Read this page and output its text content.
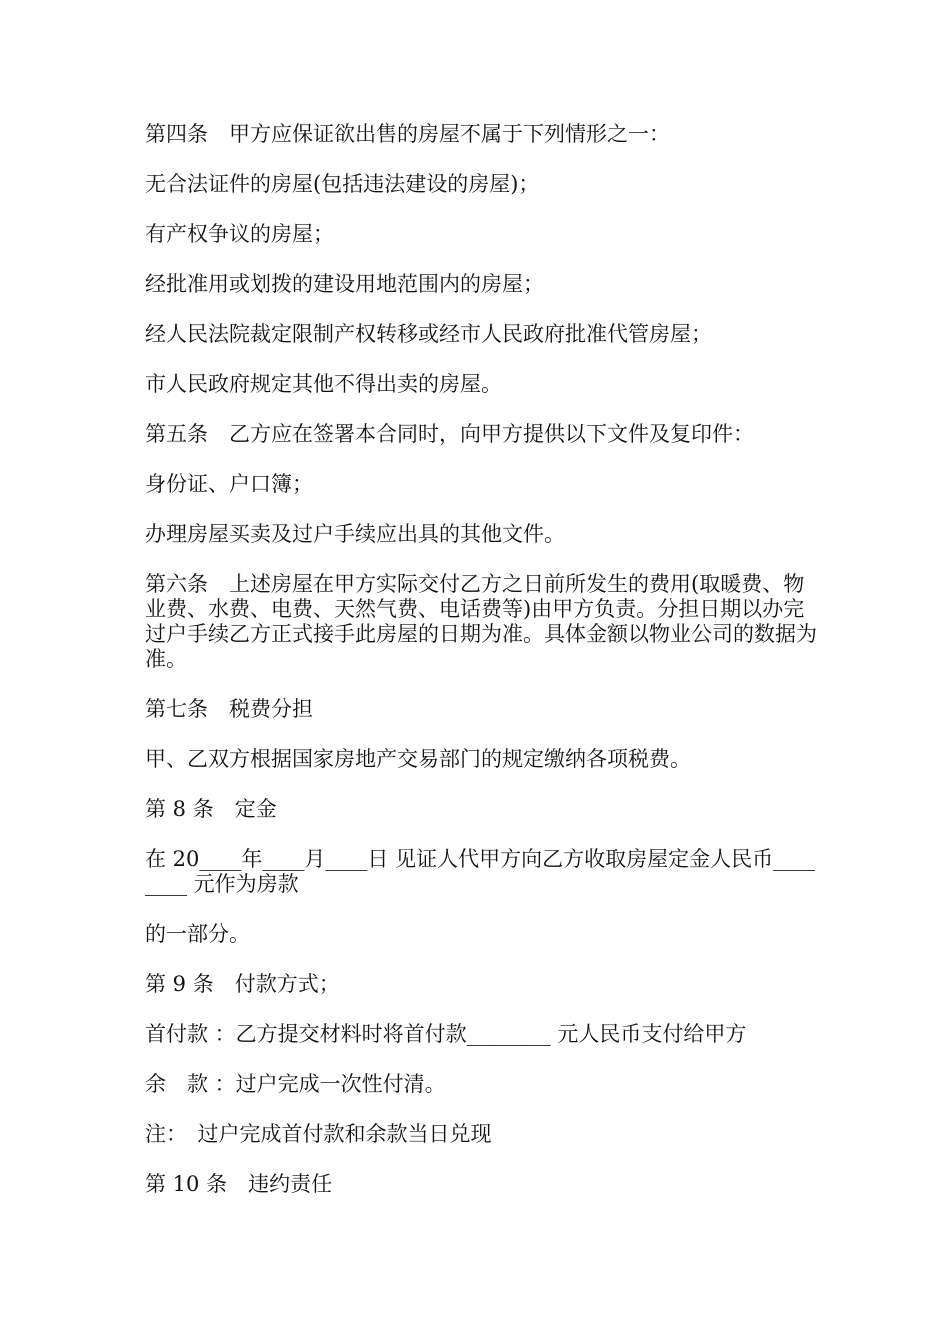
第四条　甲方应保证欲出售的房屋不属于下列情形之一：

无合法证件的房屋(包括违法建设的房屋)；

有产权争议的房屋；

经批准用或划拨的建设用地范围内的房屋；

经人民法院裁定限制产权转移或经市人民政府批准代管房屋；

市人民政府规定其他不得出卖的房屋。

第五条　乙方应在签署本合同时，向甲方提供以下文件及复印件：

身份证、户口簿；

办理房屋买卖及过户手续应出具的其他文件。

第六条　上述房屋在甲方实际交付乙方之日前所发生的费用(取暖费、物业费、水费、电费、天然气费、电话费等)由甲方负责。分担日期以办完过户手续乙方正式接手此房屋的日期为准。具体金额以物业公司的数据为准。

第七条　税费分担

甲、乙双方根据国家房地产交易部门的规定缴纳各项税费。

第 8 条　定金

在 20____年____月____日 见证人代甲方向乙方收取房屋定金人民币________ 元作为房款

的一部分。

第 9 条　付款方式；

首付款 ：乙方提交材料时将首付款________ 元人民币支付给甲方

余　款 ：过户完成一次性付清。

注：　过户完成首付款和余款当日兑现

第 10 条　违约责任
